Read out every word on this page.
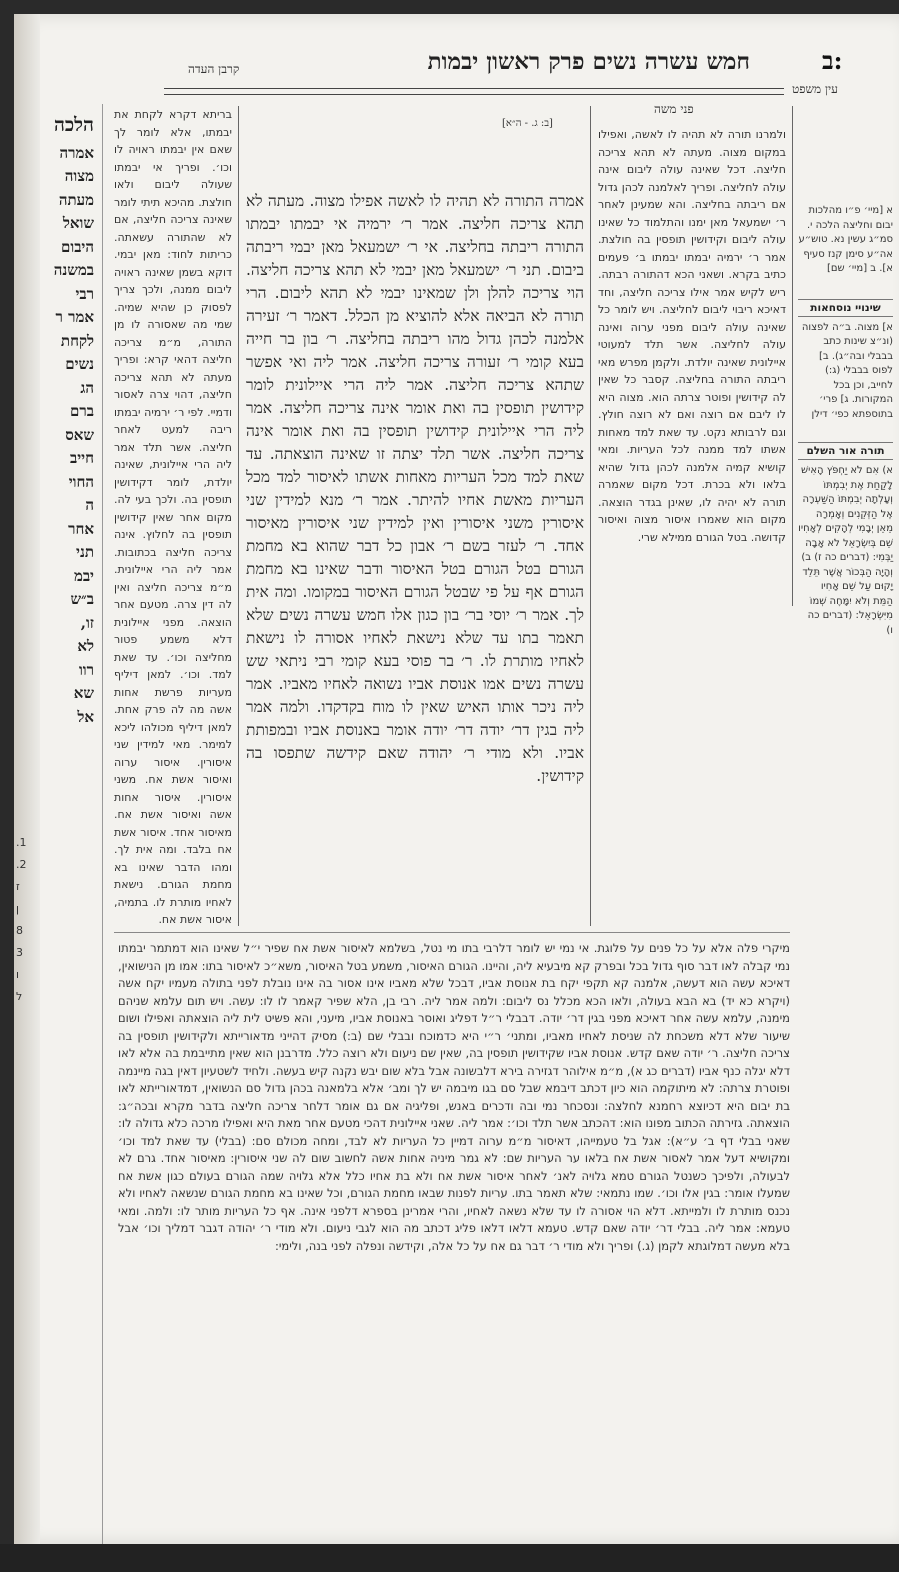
ב:
עין משפט
חמש עשרה נשים פרק ראשון יבמות
קרבן העדה
פני משה
[ב: ג. - ה״א]
הלכה
אמרה
מצוה
מעתה
שואל
היבום
במשנה
רבי
אמר ר
לקחת
נשים
הג
ברם
שאס
חייב
החוי
ה
אחר
תני
יבמ
ב״ש
זו,
לא
רוו
שא
אל
.1
.2
ז
ן
8
3
ו
ל
בריתא דקרא לקחת את יבמתו, אלא לומר לך שאם אין יבמתו ראויה לו וכו׳. ופריך אי יבמתו שעולה ליבום ולאו חולצת. מהיכא תיתי לומר שאינה צריכה חליצה, אם לא שהתורה עשאתה. כריתות לחוד: מאן יבמי. דוקא בשמן שאינה ראויה ליבום ממנה, ולכך צריך לפסוק כן שהיא שמיה. שמי מה שאסורה לו מן התורה, מ״מ צריכה חליצה דהאי קרא: ופריך מעתה לא תהא צריכה חליצה, דהוי צרה לאסור ודמיי. לפי ר׳ ירמיה יבמתו ריבה למעט לאחר חליצה. אשר תלד אמר ליה הרי איילונית, שאינה יולדת, לומר דקידושין תופסין בה. ולכך בעי לה. מקום אחר שאין קידושין תופסין בה לחלוץ. אינה צריכה חליצה בכתובות. אמר ליה הרי איילונית. מ״מ צריכה חליצה ואין לה דין צרה. מטעם אחר הוצאה. מפני איילונית דלא משמע פטור מחליצה וכו׳. עד שאת למד. וכו׳. למאן דיליף מעריות פרשת אחות אשה מה לה פרק אחת. למאן דיליף מכולהו ליכא למימר. מאי למידין שני איסורין. איסור ערוה ואיסור אשת אח. משני איסורין. איסור אחות אשה ואיסור אשת אח. מאיסור אחד. איסור אשת אח בלבד. ומה אית לך. ומהו הדבר שאינו בא מחמת הגורם. נישאת לאחיו מותרת לו. בתמיה, איסור אשת אח.
אמרה התורה לא תהיה לו לאשה אפילו מצוה. מעתה לא תהא צריכה חליצה. אמר ר׳ ירמיה אי יבמתו יבמתו התורה ריבתה בחליצה. אי ר׳ ישמעאל מאן יבמי ריבתה ביבום. תני ר׳ ישמעאל מאן יבמי לא תהא צריכה חליצה. הוי צריכה להלן ולן שמאינו יבמי לא תהא ליבום. הרי תורה לא הביאה אלא להוציא מן הכלל. דאמר ר׳ זעירה אלמנה לכהן גדול מהו ריבתה בחליצה. ר׳ בון בר חייה בעא קומי ר׳ זעורה צריכה חליצה. אמר ליה ואי אפשר שתהא צריכה חליצה. אמר ליה הרי איילונית לומר קידושין תופסין בה ואת אומר אינה צריכה חליצה. אמר ליה הרי איילונית קידושין תופסין בה ואת אומר אינה צריכה חליצה. אשר תלד יצתה זו שאינה הוצאתה. עד שאת למד מכל העריות מאחות אשתו לאיסור למד מכל העריות מאשת אחיו להיתר. אמר ר׳ מנא למידין שני איסורין משני איסורין ואין למידין שני איסורין מאיסור אחד. ר׳ לעזר בשם ר׳ אבון כל דבר שהוא בא מחמת הגורם בטל הגורם בטל האיסור ודבר שאינו בא מחמת הגורם אף על פי שבטל הגורם האיסור במקומו. ומה אית לך. אמר ר׳ יוסי בר׳ בון כגון אלו חמש עשרה נשים שלא תאמר בתו עד שלא נישאת לאחיו אסורה לו נישאת לאחיו מותרת לו. ר׳ בר פוסי בעא קומי רבי ניתאי שש עשרה נשים אמו אנוסת אביו נשואה לאחיו מאביו. אמר ליה ניכר אותו האיש שאין לו מוח בקדקדו. ולמה אמר ליה בגין דר׳ יודה דר׳ יודה אומר באנוסת אביו ובמפותת אביו. ולא מודי ר׳ יהודה שאם קידשה שתפסו בה קידושין.
ולמרנו תורה לא תהיה לו לאשה, ואפילו במקום מצוה. מעתה לא תהא צריכה חליצה. דכל שאינה עולה ליבום אינה עולה לחליצה. ופריך לאלמנה לכהן גדול אם ריבתה בחליצה. והא שמעינן לאחר ר׳ ישמעאל מאן ימנו והתלמוד כל שאינו עולה ליבום וקידושין תופסין בה חולצת. אמר ר׳ ירמיה יבמתו יבמתו ב׳ פעמים כתיב בקרא. ושאני הכא דהתורה רבתה. ריש לקיש אמר אילו צריכה חליצה, וחד דאיכא ריבוי ליבום לחליצה. ויש לומר כל שאינה עולה ליבום מפני ערוה ואינה עולה לחליצה. אשר תלד למעוטי איילונית שאינה יולדת. ולקמן מפרש מאי ריבתה התורה בחליצה. קסבר כל שאין לה קידושין ופוטר צרתה הוא. מצוה היא לו ליבם אם רוצה ואם לא רוצה חולץ. וגם לרבותא נקט. עד שאת למד מאחות אשתו למד ממנה לכל העריות. ומאי קושיא קמיה אלמנה לכהן גדול שהיא בלאו ולא בכרת. דכל מקום שאמרה תורה לא יהיה לו, שאינן בגדר הוצאה. מקום הוא שאמרו איסור מצוה ואיסור קדושה. בטל הגורם ממילא שרי.
א [מיי׳ פ״ו מהלכות יבום וחליצה הלכה י. סמ״ג עשין נא. טוש״ע אה״ע סימן קנז סעיף א]. ב [מיי׳ שם]
שינויי נוסחאות
א] מצוה. ב״ה לפצוה (ונ״צ שינות כתב בבבלי ובה״ג). ב] לפוס בבבלי (ג:) לחייב, וכן בכל המקורות. ג] פרי׳ בתוספתא כפי׳ דילן
תורה אור השלם
א) אִם לֹא יַחְפֹּץ הָאִישׁ לָקַחַת אֶת יְבִמְתּוֹ וְעָלְתָה יְבִמְתּוֹ הַשַּׁעְרָה אֶל הַזְּקֵנִים וְאָמְרָה מֵאֵן יְבָמִי לְהָקִים לְאָחִיו שֵׁם בְּיִשְׂרָאֵל לֹא אָבָה יַבְּמִי: (דברים כה ז) ב) וְהָיָה הַבְּכוֹר אֲשֶׁר תֵּלֵד יָקוּם עַל שֵׁם אָחִיו הַמֵּת וְלֹא יִמָּחֶה שְׁמוֹ מִיִּשְׂרָאֵל: (דברים כה ו)
מיקרי פלה אלא על כל פנים על פלוגת. אי נמי יש לומר דלרבי בתו מי נטל, בשלמא לאיסור אשת אח שפיר י״ל שאינו הוא דמתמר יבמתו נמי קבלה לאו דבר סוף גדול בכל ובפרק קא מיבעיא ליה, והיינו. הגורם האיסור, משמע בטל האיסור, משא״כ לאיסור בתו: אמו מן הנישואין, דאיכא עשה הוא דעשה, אלמנה קא תקפי יקח בת אנוסת אביו, דבכל שלא מאביו אינו אסור בה אינו נובלת לפני בתולה מעמיו יקח אשה (ויקרא כא יד) בא הבא בעולה, ולאו הכא מכלל נס ליבום: ולמה אמר ליה. רבי בן, הלא שפיר קאמר לו לו: עשה. ויש תום עלמא שניהם מימנה, עלמא עשה אחר דאיכא מפני בגין דר׳ יודה. דבבלי ר״ל דפליג ואוסר באנוסת אביו, מיעני, והא פשיט לית ליה הוצאתה ואפילו ושום שיעור שלא דלא משכחת לה שניסת לאחיו מאביו, ומתני׳ ר״י היא כדמוכח ובבלי שם (ב:) מסיק דהייני מדאורייתא ולקידושין תופסין בה צריכה חליצה. ר׳ יודה שאם קדש. אנוסת אביו שקידושין תופסין בה, שאין שם ניעום ולא רוצה כלל. מדרבנן הוא שאין מתייבמת בה אלא לאו דלא יגלה כנף אביו (דברים כג א), מ״מ אילוהר דגזירה בירא דלבשונה אבל בלא שום יבש נקנה קיש בעשה. ולחיד לשטעיון דאין בגה מיינמה ופוטרת צרתה: לא מיתוקמה הוא כיון דכתב דיבמא שבל סם בגו מיבמה יש לך ומב׳ אלא בלמאנה בכהן גדול סם הנשואין, דמדאורייתא לאו בת יבום היא דכיוצא רחמנא לחלצה: ונסכחר נמי ובה ודכרים באנש, ופליגיה אם גם אומר דלחר צריכה חליצה בדבר מקרא ובכה״ג: הוצאתה. גזירתה הכתוב מפונו הוא: דהכתב אשר תלד וכו׳: אמר ליה. שאני איילונית דהכי מטעם אחר מאת היא ואפילו מרכה כלא גדולה לו: שאני בבלי דף ב׳ ע״א): אגל בל טעמייהו, דאיסור מ״מ ערוה דמיין כל העריות לא לבד, ומחה מכולם סם: (בבלי) עד שאת למד וכו׳ ומקושיא דעל אמר לאסור אשת אח בלאו ער העריות שם: לא גמר מיניה אחות אשה לחשוב שום לה שני איסורין: מאיסור אחד. גרם לא לבעולה, ולפיכך כשנטל הגורם טמא גלויה לאנ׳ לאחר איסור אשת אח ולא בת אחיו כלל אלא גלויה שמה הגורם בעולם כגון אשת אח שמעלו אומר: בגין אלו וכו׳. שמו נתמאי: שלא תאמר בתו. עריות לפנות שבאו מחמת הגורם, וכל שאינו בא מחמת הגורם שנשאה לאחיו ולא נכנס מותרת לו ולמייתא. דלא הוי אסורה לו עד שלא נשאה לאחיו, והרי אמרינן בספרא דלפני אינה. אף כל העריות מותר לו: ולמה. ומאי טעמא: אמר ליה. בבלי דר׳ יודה שאם קדש. טעמא דלאו דלאו פליג דכתב מה הוא לגבי ניעום. ולא מודי ר׳ יהודה דגבר דמליך וכו׳ אבל בלא מעשה דמלוגתא לקמן (ג.) ופריך ולא מודי ר׳ דבר גם אח על כל אלה, וקידשה ונפלה לפני בנה, ולימי:
